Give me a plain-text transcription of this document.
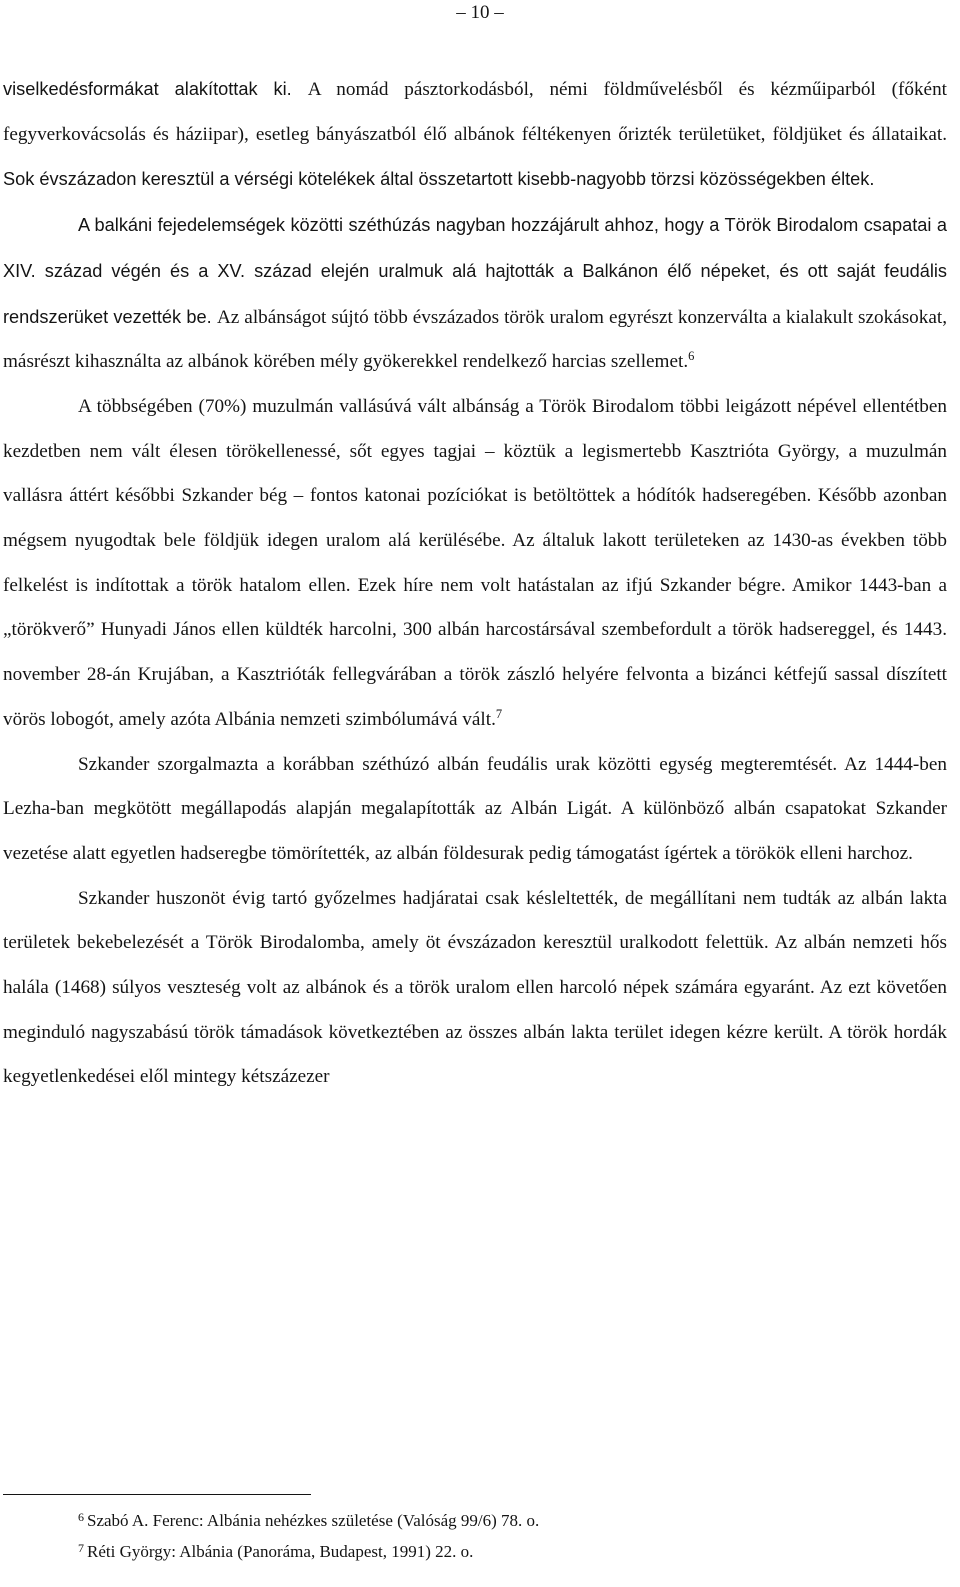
– 10 –

viselkedésformákat alakítottak ki. A nomád pásztorkodásból, némi földművelésből és kézműiparból (főként fegyverkovácsolás és háziipar), esetleg bányászatból élő albánok féltékenyen őrizték területüket, földjüket és állataikat. Sok évszázadon keresztül a vérségi kötelékek által összetartott kisebb-nagyobb törzsi közösségekben éltek.

A balkáni fejedelemségek közötti széthúzás nagyban hozzájárult ahhoz, hogy a Török Birodalom csapatai a XIV. század végén és a XV. század elején uralmuk alá hajtották a Balkánon élő népeket, és ott saját feudális rendszerüket vezették be. Az albánságot sújtó több évszázados török uralom egyrészt konzerválta a kialakult szokásokat, másrészt kihasználta az albánok körében mély gyökerekkel rendelkező harcias szellemet.$^6$

A többségében (70%) muzulmán vallásúvá vált albánság a Török Birodalom többi leigázott népével ellentétben kezdetben nem vált élesen törökellenessé, sőt egyes tagjai – köztük a legismertebb Kasztrióta György, a muzulmán vallásra áttért későbbi Szkander bég – fontos katonai pozíciókat is betöltöttek a hódítók hadseregében. Később azonban mégsem nyugodtak bele földjük idegen uralom alá kerülésébe. Az általuk lakott területeken az 1430-as években több felkelést is indítottak a török hatalom ellen. Ezek híre nem volt hatástalan az ifjú Szkander bégre. Amikor 1443-ban a „törökverő” Hunyadi János ellen küldték harcolni, 300 albán harcostársával szembefordult a török hadsereggel, és 1443. november 28-án Krujában, a Kasztrióták fellegvárában a török zászló helyére felvonta a bizánci kétfejű sassal díszített vörös lobogót, amely azóta Albánia nemzeti szimbólumává vált.$^7$

Szkander szorgalmazta a korábban széthúzó albán feudális urak közötti egység megteremtését. Az 1444-ben Lezha-ban megkötött megállapodás alapján megalapították az Albán Ligát. A különböző albán csapatokat Szkander vezetése alatt egyetlen hadseregbe tömörítették, az albán földesurak pedig támogatást ígértek a törökök elleni harchoz.

Szkander huszonöt évig tartó győzelmes hadjáratai csak késleltették, de megállítani nem tudták az albán lakta területek bekebelezését a Török Birodalomba, amely öt évszázadon keresztül uralkodott felettük. Az albán nemzeti hős halála (1468) súlyos veszteség volt az albánok és a török uralom ellen harcoló népek számára egyaránt. Az ezt követően meginduló nagyszabású török támadások következtében az összes albán lakta terület idegen kézre került. A török hordák kegyetlenkedései elől mintegy kétszázezer

$^6$ Szabó A. Ferenc: Albánia nehézkes születése (Valóság 99/6) 78. o.

$^7$ Réti György: Albánia (Panoráma, Budapest, 1991) 22. o.
